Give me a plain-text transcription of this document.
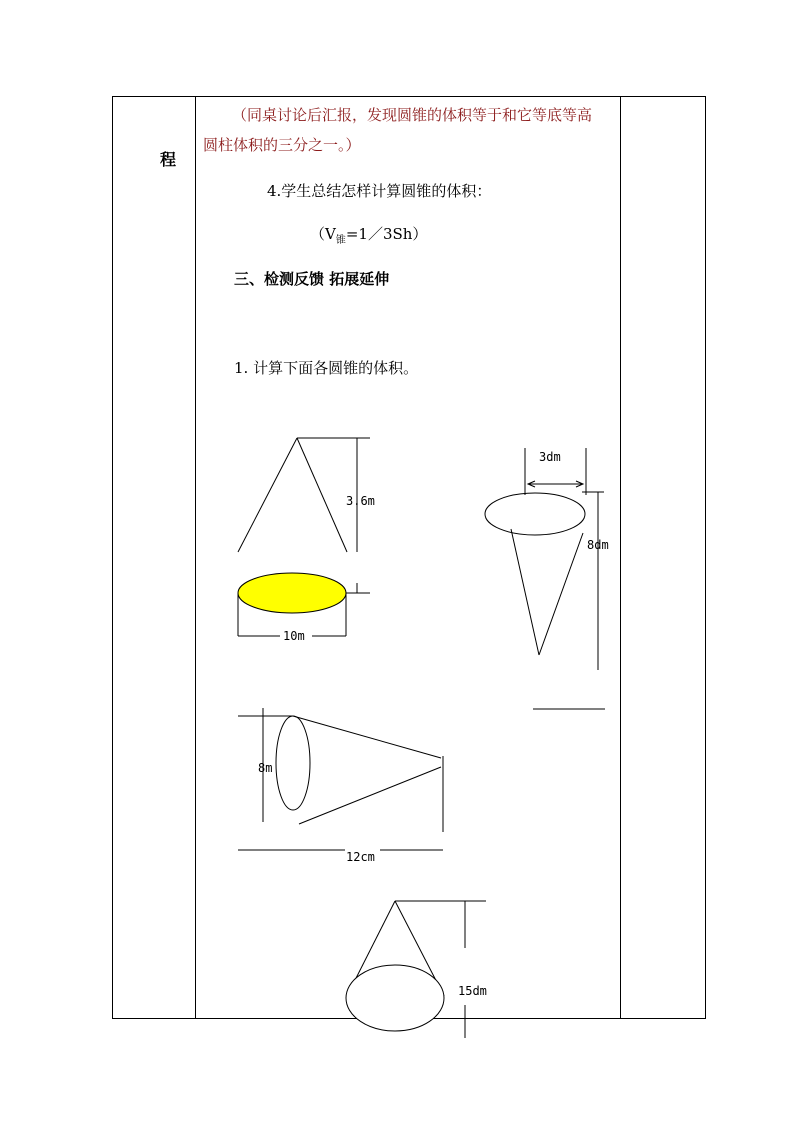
程
（同桌讨论后汇报，发现圆锥的体积等于和它等底等高
圆柱体积的三分之一。）
4.学生总结怎样计算圆锥的体积：
$(V_锥=1/3Sh)$
三、检测反馈 拓展延伸
1. 计算下面各圆锥的体积。
3.6m
10m
3dm
8dm
8m
12cm
15dm
